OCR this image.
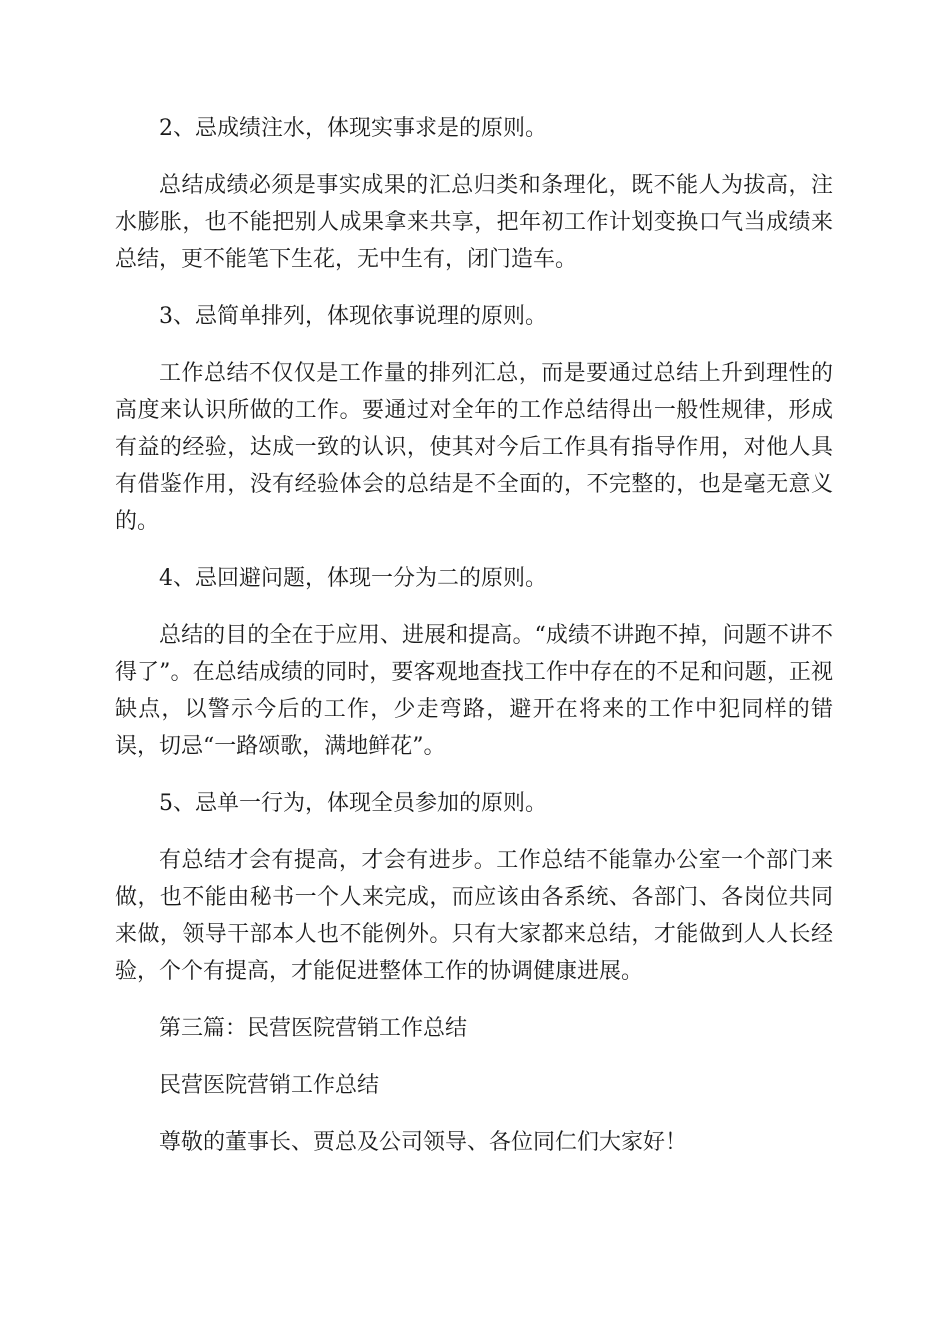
2、忌成绩注水，体现实事求是的原则。

总结成绩必须是事实成果的汇总归类和条理化，既不能人为拔高，注水膨胀，也不能把别人成果拿来共享，把年初工作计划变换口气当成绩来总结，更不能笔下生花，无中生有，闭门造车。

3、忌简单排列，体现依事说理的原则。

工作总结不仅仅是工作量的排列汇总，而是要通过总结上升到理性的高度来认识所做的工作。要通过对全年的工作总结得出一般性规律，形成有益的经验，达成一致的认识，使其对今后工作具有指导作用，对他人具有借鉴作用，没有经验体会的总结是不全面的，不完整的，也是毫无意义的。

4、忌回避问题，体现一分为二的原则。

总结的目的全在于应用、进展和提高。“成绩不讲跑不掉，问题不讲不得了”。在总结成绩的同时，要客观地查找工作中存在的不足和问题，正视缺点，以警示今后的工作，少走弯路，避开在将来的工作中犯同样的错误，切忌“一路颂歌，满地鲜花”。

5、忌单一行为，体现全员参加的原则。

有总结才会有提高，才会有进步。工作总结不能靠办公室一个部门来做，也不能由秘书一个人来完成，而应该由各系统、各部门、各岗位共同来做，领导干部本人也不能例外。只有大家都来总结，才能做到人人长经验，个个有提高，才能促进整体工作的协调健康进展。

第三篇：民营医院营销工作总结

民营医院营销工作总结

尊敬的董事长、贾总及公司领导、各位同仁们大家好！
